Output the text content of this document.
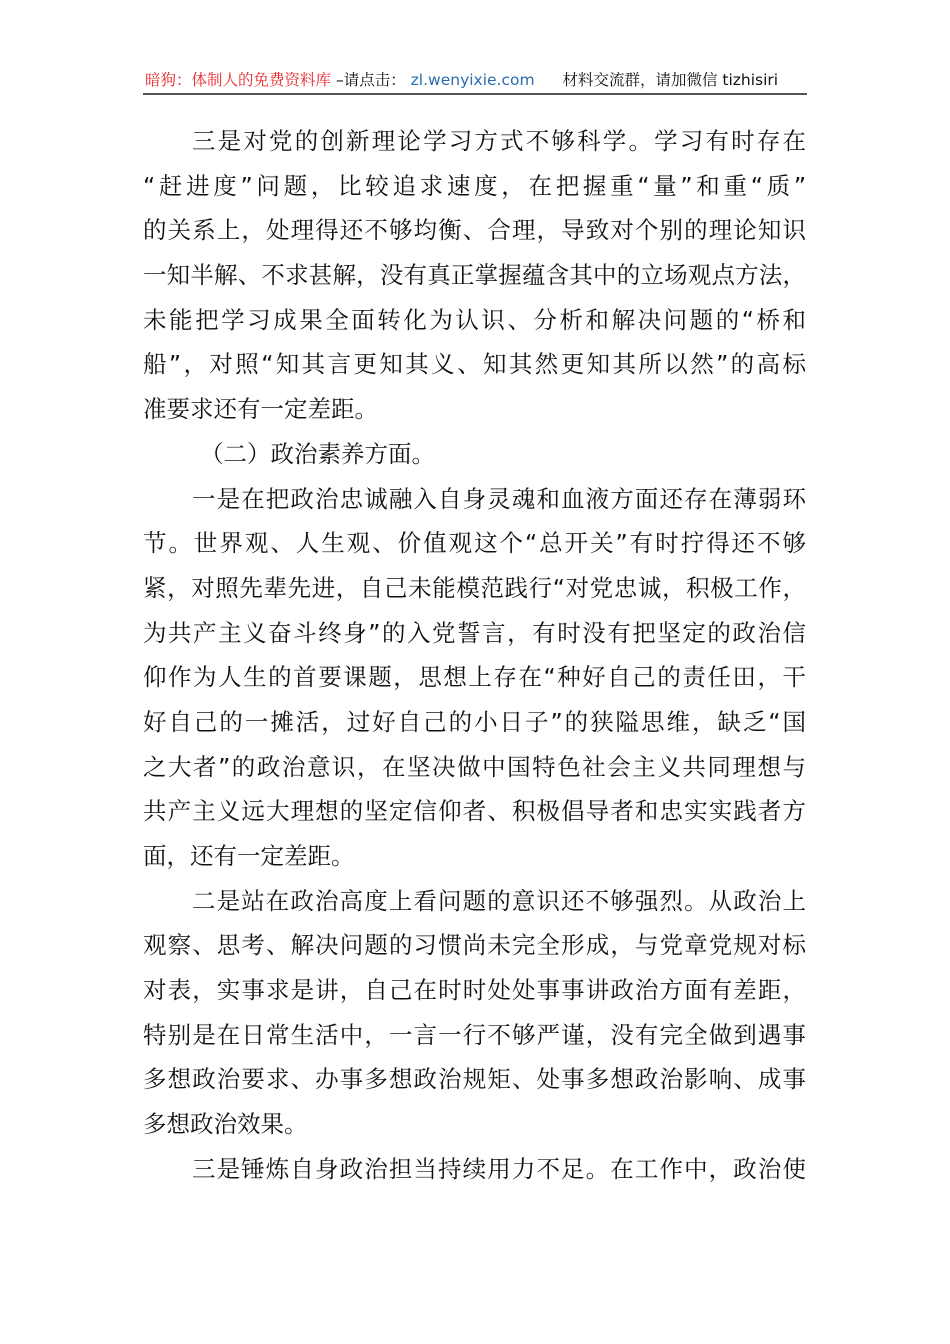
暗狗：体制人的免费资料库 –请点击： zl.wenyixie.com 材料交流群，请加微信 tizhisiri
三是对党的创新理论学习方式不够科学。学习有时存在
“赶进度”问题，比较追求速度，在把握重“量”和重“质”
的关系上，处理得还不够均衡、合理，导致对个别的理论知识
一知半解、不求甚解，没有真正掌握蕴含其中的立场观点方法，
未能把学习成果全面转化为认识、分析和解决问题的“桥和
船”，对照“知其言更知其义、知其然更知其所以然”的高标
准要求还有一定差距。
（二）政治素养方面。
一是在把政治忠诚融入自身灵魂和血液方面还存在薄弱环
节。世界观、人生观、价值观这个“总开关”有时拧得还不够
紧，对照先辈先进，自己未能模范践行“对党忠诚，积极工作，
为共产主义奋斗终身”的入党誓言，有时没有把坚定的政治信
仰作为人生的首要课题，思想上存在“种好自己的责任田，干
好自己的一摊活，过好自己的小日子”的狭隘思维，缺乏“国
之大者”的政治意识，在坚决做中国特色社会主义共同理想与
共产主义远大理想的坚定信仰者、积极倡导者和忠实实践者方
面，还有一定差距。
二是站在政治高度上看问题的意识还不够强烈。从政治上
观察、思考、解决问题的习惯尚未完全形成，与党章党规对标
对表，实事求是讲，自己在时时处处事事讲政治方面有差距，
特别是在日常生活中，一言一行不够严谨，没有完全做到遇事
多想政治要求、办事多想政治规矩、处事多想政治影响、成事
多想政治效果。
三是锤炼自身政治担当持续用力不足。在工作中，政治使
